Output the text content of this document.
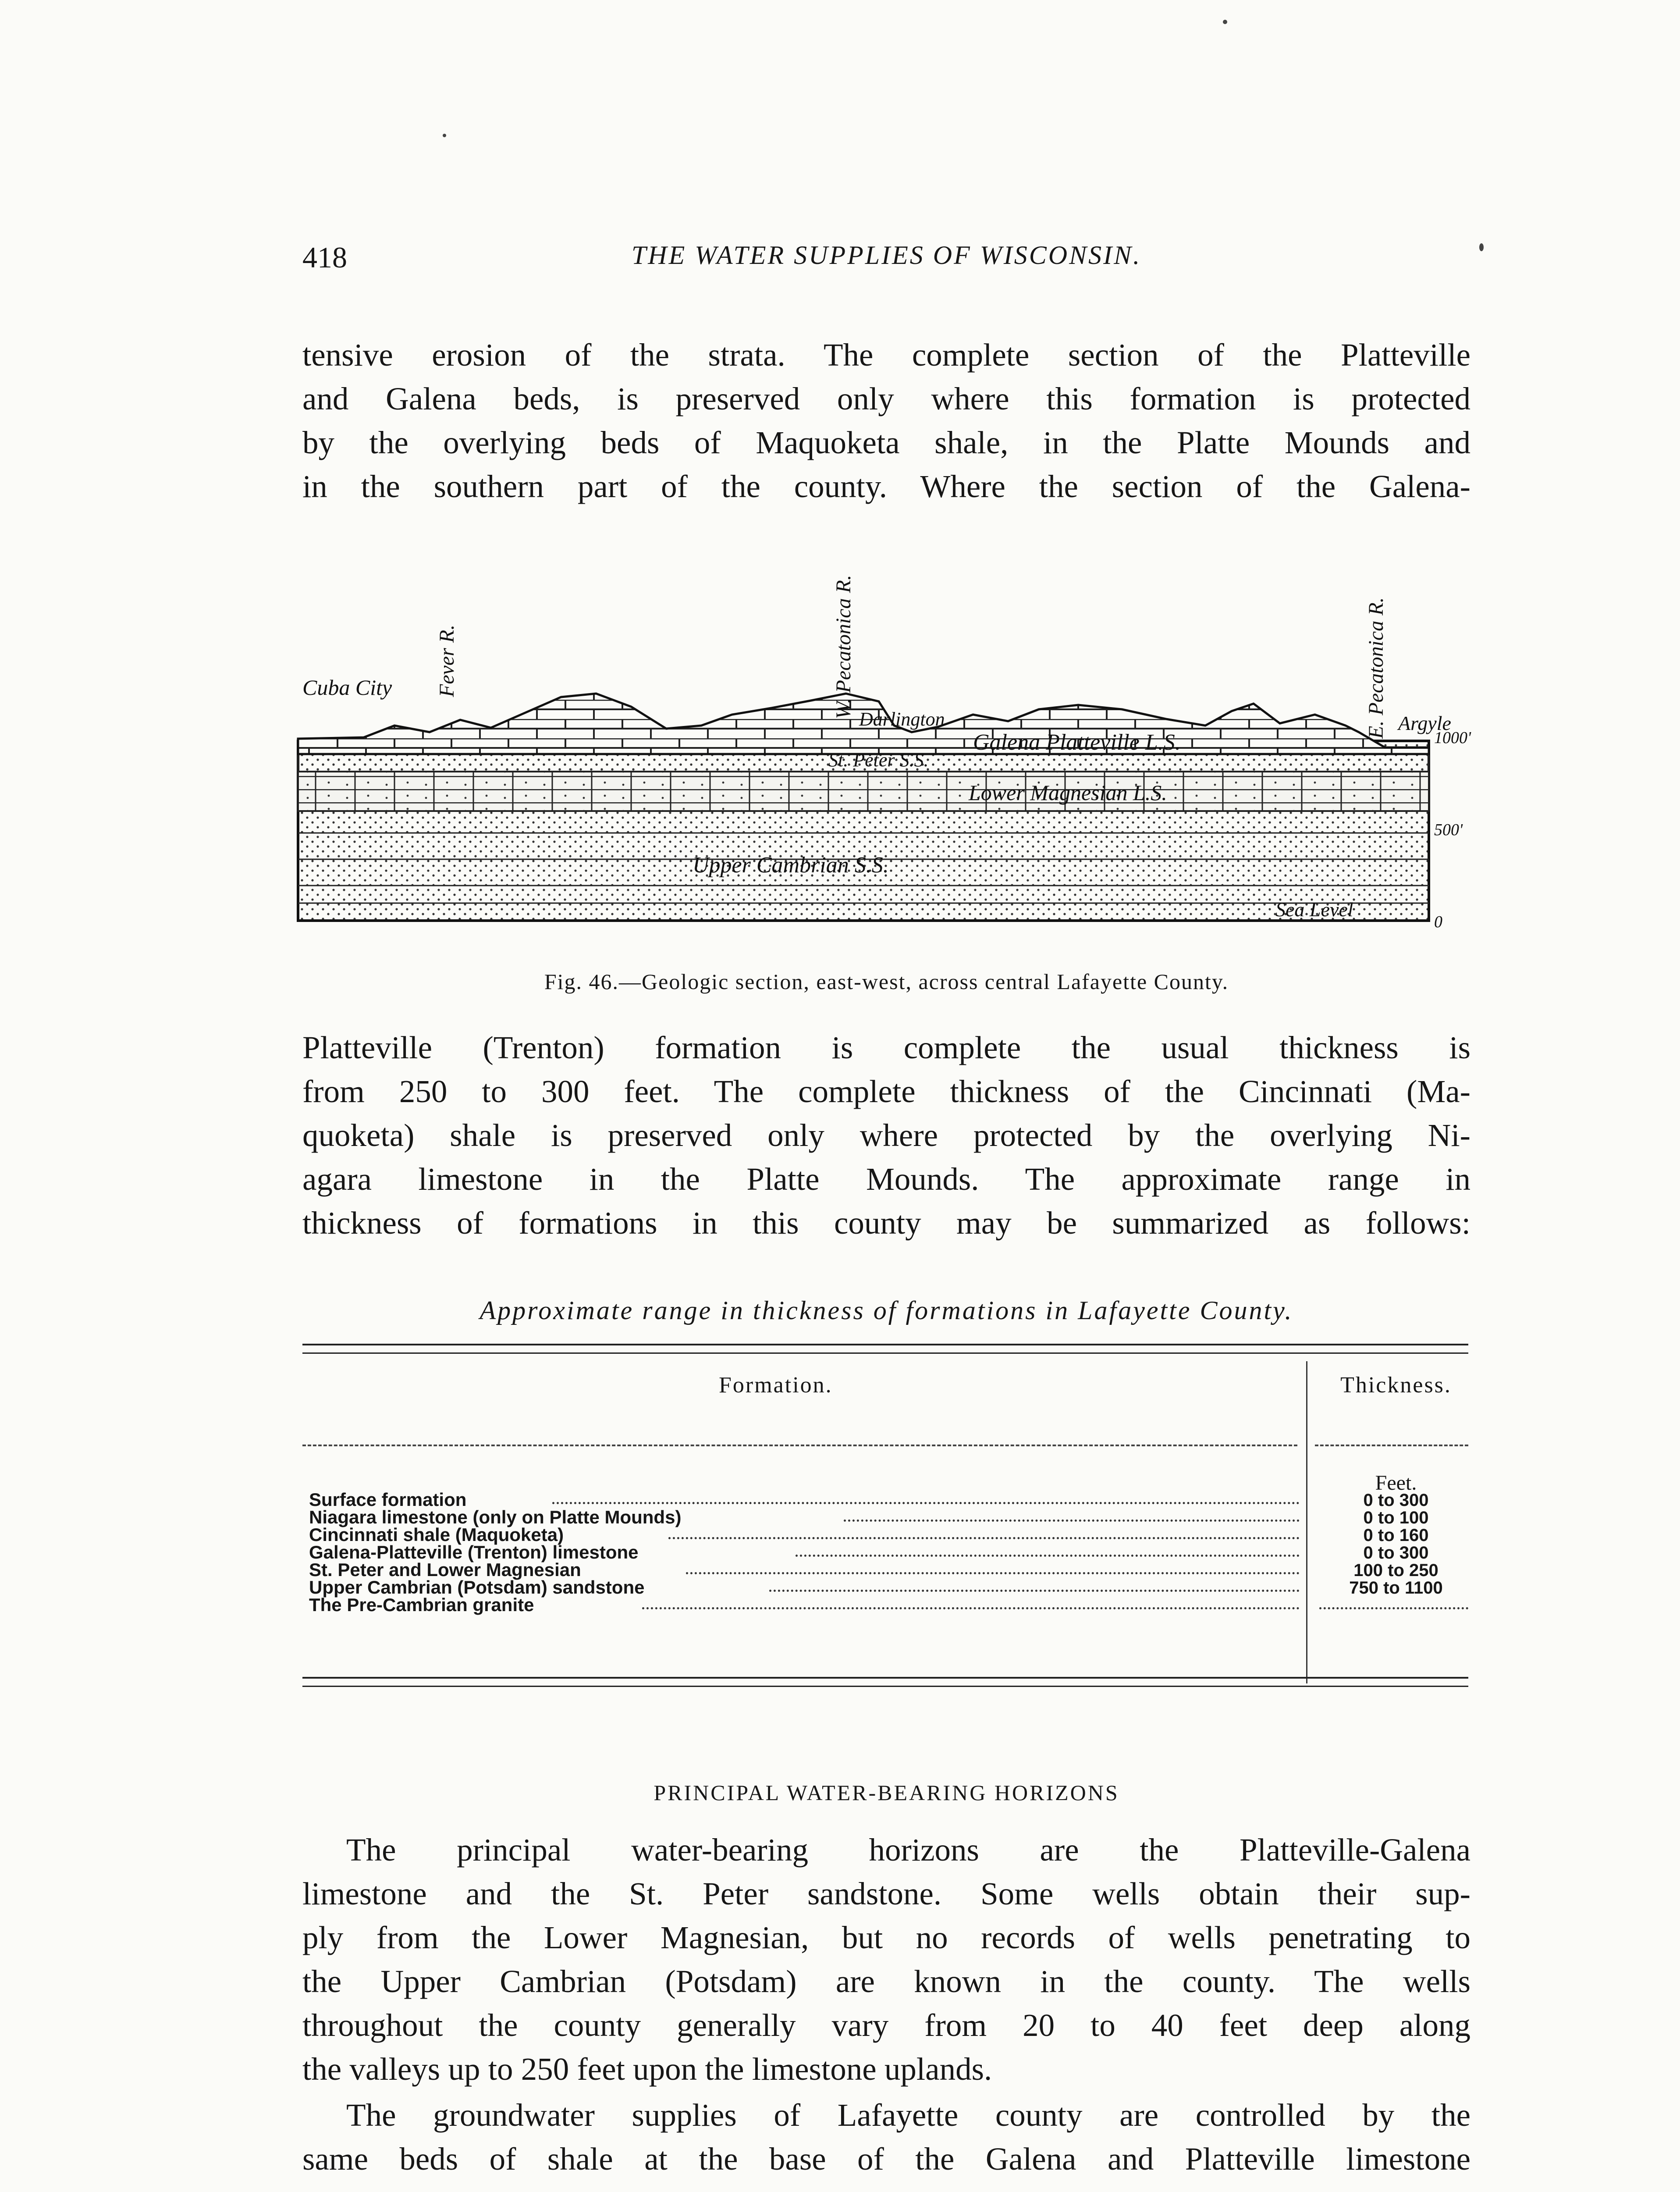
418	THE WATER SUPPLIES OF WISCONSIN.
tensive erosion of the strata. The complete section of the Platteville
and Galena beds, is preserved only where this formation is protected
by the overlying beds of Maquoketa shale, in the Platte Mounds and
in the southern part of the county. Where the section of the Galena-
Cuba City Fever R.	W. Pecatonica R.
Darlington	E. Pecatonica R. Argyle
Galena Platteville L.S.
St. Peter S.S.
Lower Magnesian L.S.
Upper Cambrian S.S.
Sea Level
1000'
500'
0
Fig. 46.—Geologic section, east-west, across central Lafayette County.
Platteville (Trenton) formation is complete the usual thickness is
from 250 to 300 feet. The complete thickness of the Cincinnati (Ma-
quoketa) shale is preserved only where protected by the overlying Ni-
agara limestone in the Platte Mounds. The approximate range in
thickness of formations in this county may be summarized as follows:
Approximate range in thickness of formations in Lafayette County.
Formation.	Thickness.
Feet.
Surface formation	0 to 300
Niagara limestone (only on Platte Mounds)	0 to 100
Cincinnati shale (Maquoketa)	0 to 160
Galena-Platteville (Trenton) limestone	0 to 300
St. Peter and Lower Magnesian	100 to 250
Upper Cambrian (Potsdam) sandstone	750 to 1100
The Pre-Cambrian granite
PRINCIPAL WATER-BEARING HORIZONS
The principal water-bearing horizons are the Platteville-Galena
limestone and the St. Peter sandstone. Some wells obtain their sup-
ply from the Lower Magnesian, but no records of wells penetrating to
the Upper Cambrian (Potsdam) are known in the county. The wells
throughout the county generally vary from 20 to 40 feet deep along
the valleys up to 250 feet upon the limestone uplands.
The groundwater supplies of Lafayette county are controlled by the
same beds of shale at the base of the Galena and Platteville limestone
